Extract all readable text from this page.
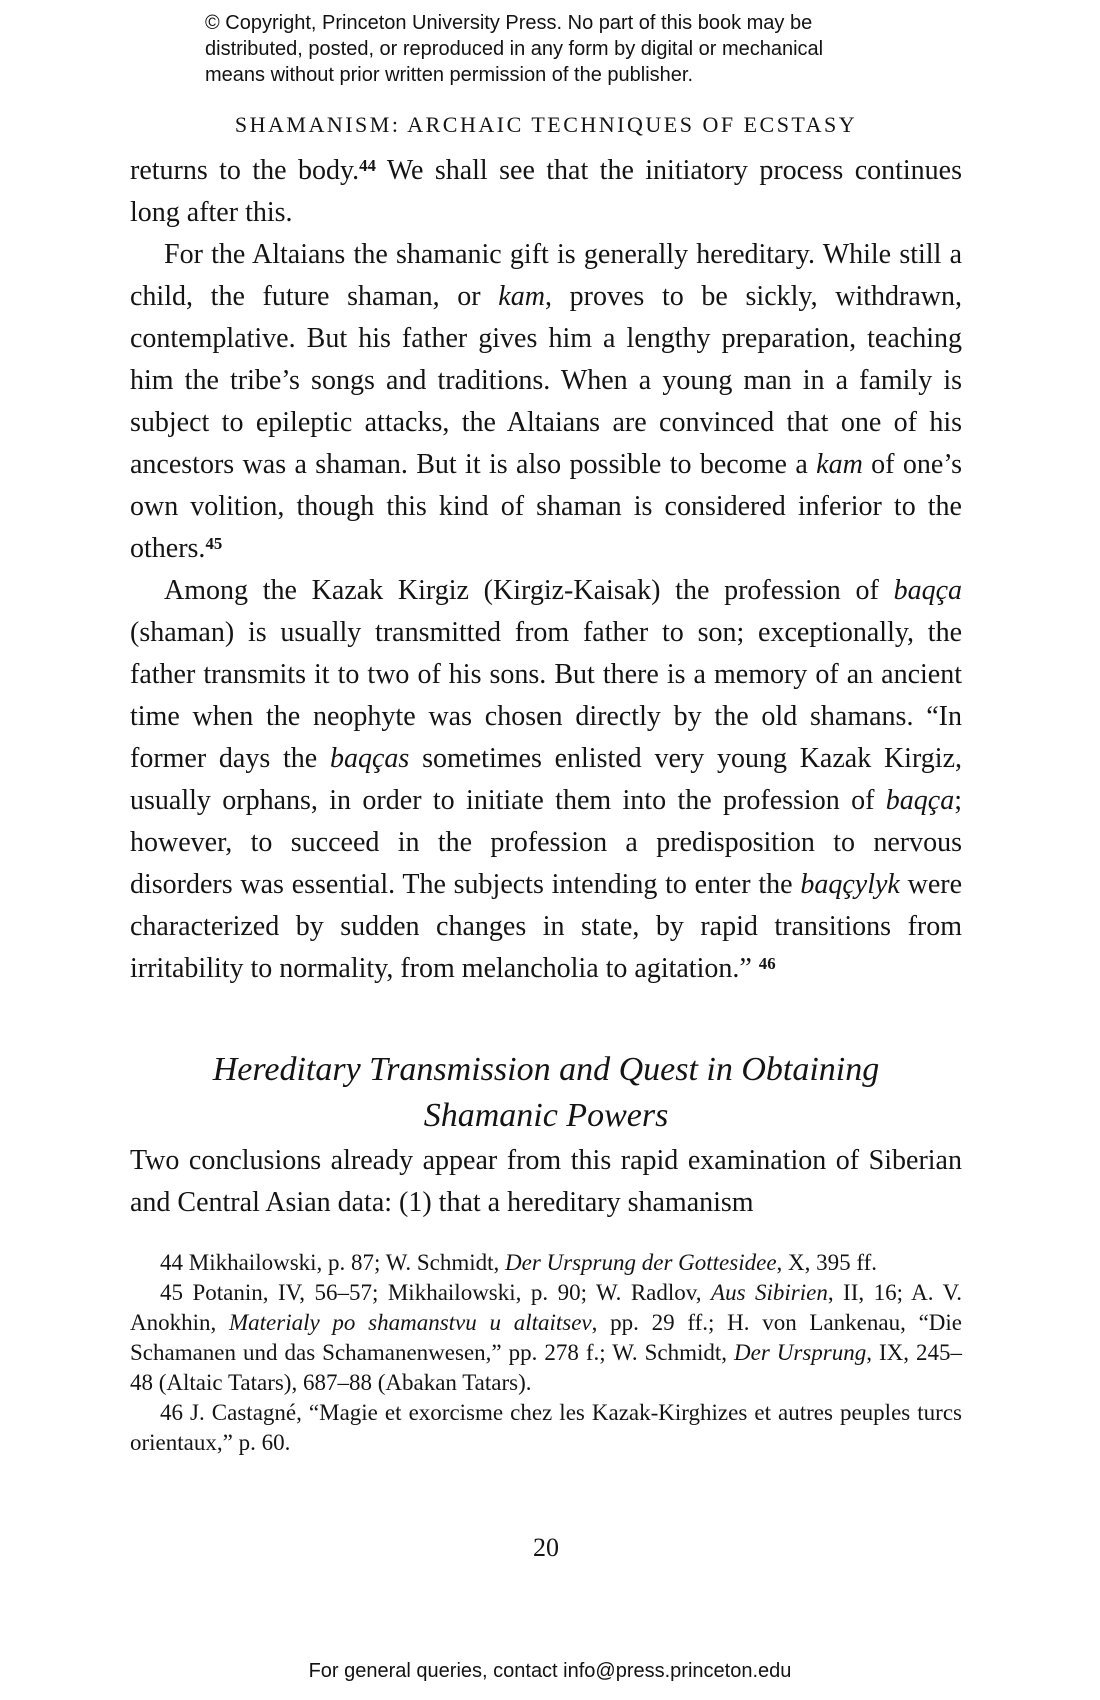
© Copyright, Princeton University Press. No part of this book may be
distributed, posted, or reproduced in any form by digital or mechanical
means without prior written permission of the publisher.
SHAMANISM: ARCHAIC TECHNIQUES OF ECSTASY

returns to the body.$^{44}$ We shall see that the initiatory process continues long after this.

For the Altaians the shamanic gift is generally hereditary. While still a child, the future shaman, or kam, proves to be sickly, withdrawn, contemplative. But his father gives him a lengthy preparation, teaching him the tribe’s songs and traditions. When a young man in a family is subject to epileptic attacks, the Altaians are convinced that one of his ancestors was a shaman. But it is also possible to become a kam of one’s own volition, though this kind of shaman is considered inferior to the others.$^{45}$

Among the Kazak Kirgiz (Kirgiz-Kaisak) the profession of baqça (shaman) is usually transmitted from father to son; exceptionally, the father transmits it to two of his sons. But there is a memory of an ancient time when the neophyte was chosen directly by the old shamans. “In former days the baqças sometimes enlisted very young Kazak Kirgiz, usually orphans, in order to initiate them into the profession of baqça; however, to succeed in the profession a predisposition to nervous disorders was essential. The subjects intending to enter the baqçylyk were characterized by sudden changes in state, by rapid transitions from irritability to normality, from melancholia to agitation.” $^{46}$

Hereditary Transmission and Quest in Obtaining
Shamanic Powers

Two conclusions already appear from this rapid examination of Siberian and Central Asian data: (1) that a hereditary shamanism

44 Mikhailowski, p. 87; W. Schmidt, Der Ursprung der Gottesidee, X, 395 ff.

45 Potanin, IV, 56–57; Mikhailowski, p. 90; W. Radlov, Aus Sibirien, II, 16; A. V. Anokhin, Materialy po shamanstvu u altaitsev, pp. 29 ff.; H. von Lankenau, “Die Schamanen und das Schamanenwesen,” pp. 278 f.; W. Schmidt, Der Ursprung, IX, 245–48 (Altaic Tatars), 687–88 (Abakan Tatars).

46 J. Castagné, “Magie et exorcisme chez les Kazak-Kirghizes et autres peuples turcs orientaux,” p. 60.

20
For general queries, contact info@press.princeton.edu
